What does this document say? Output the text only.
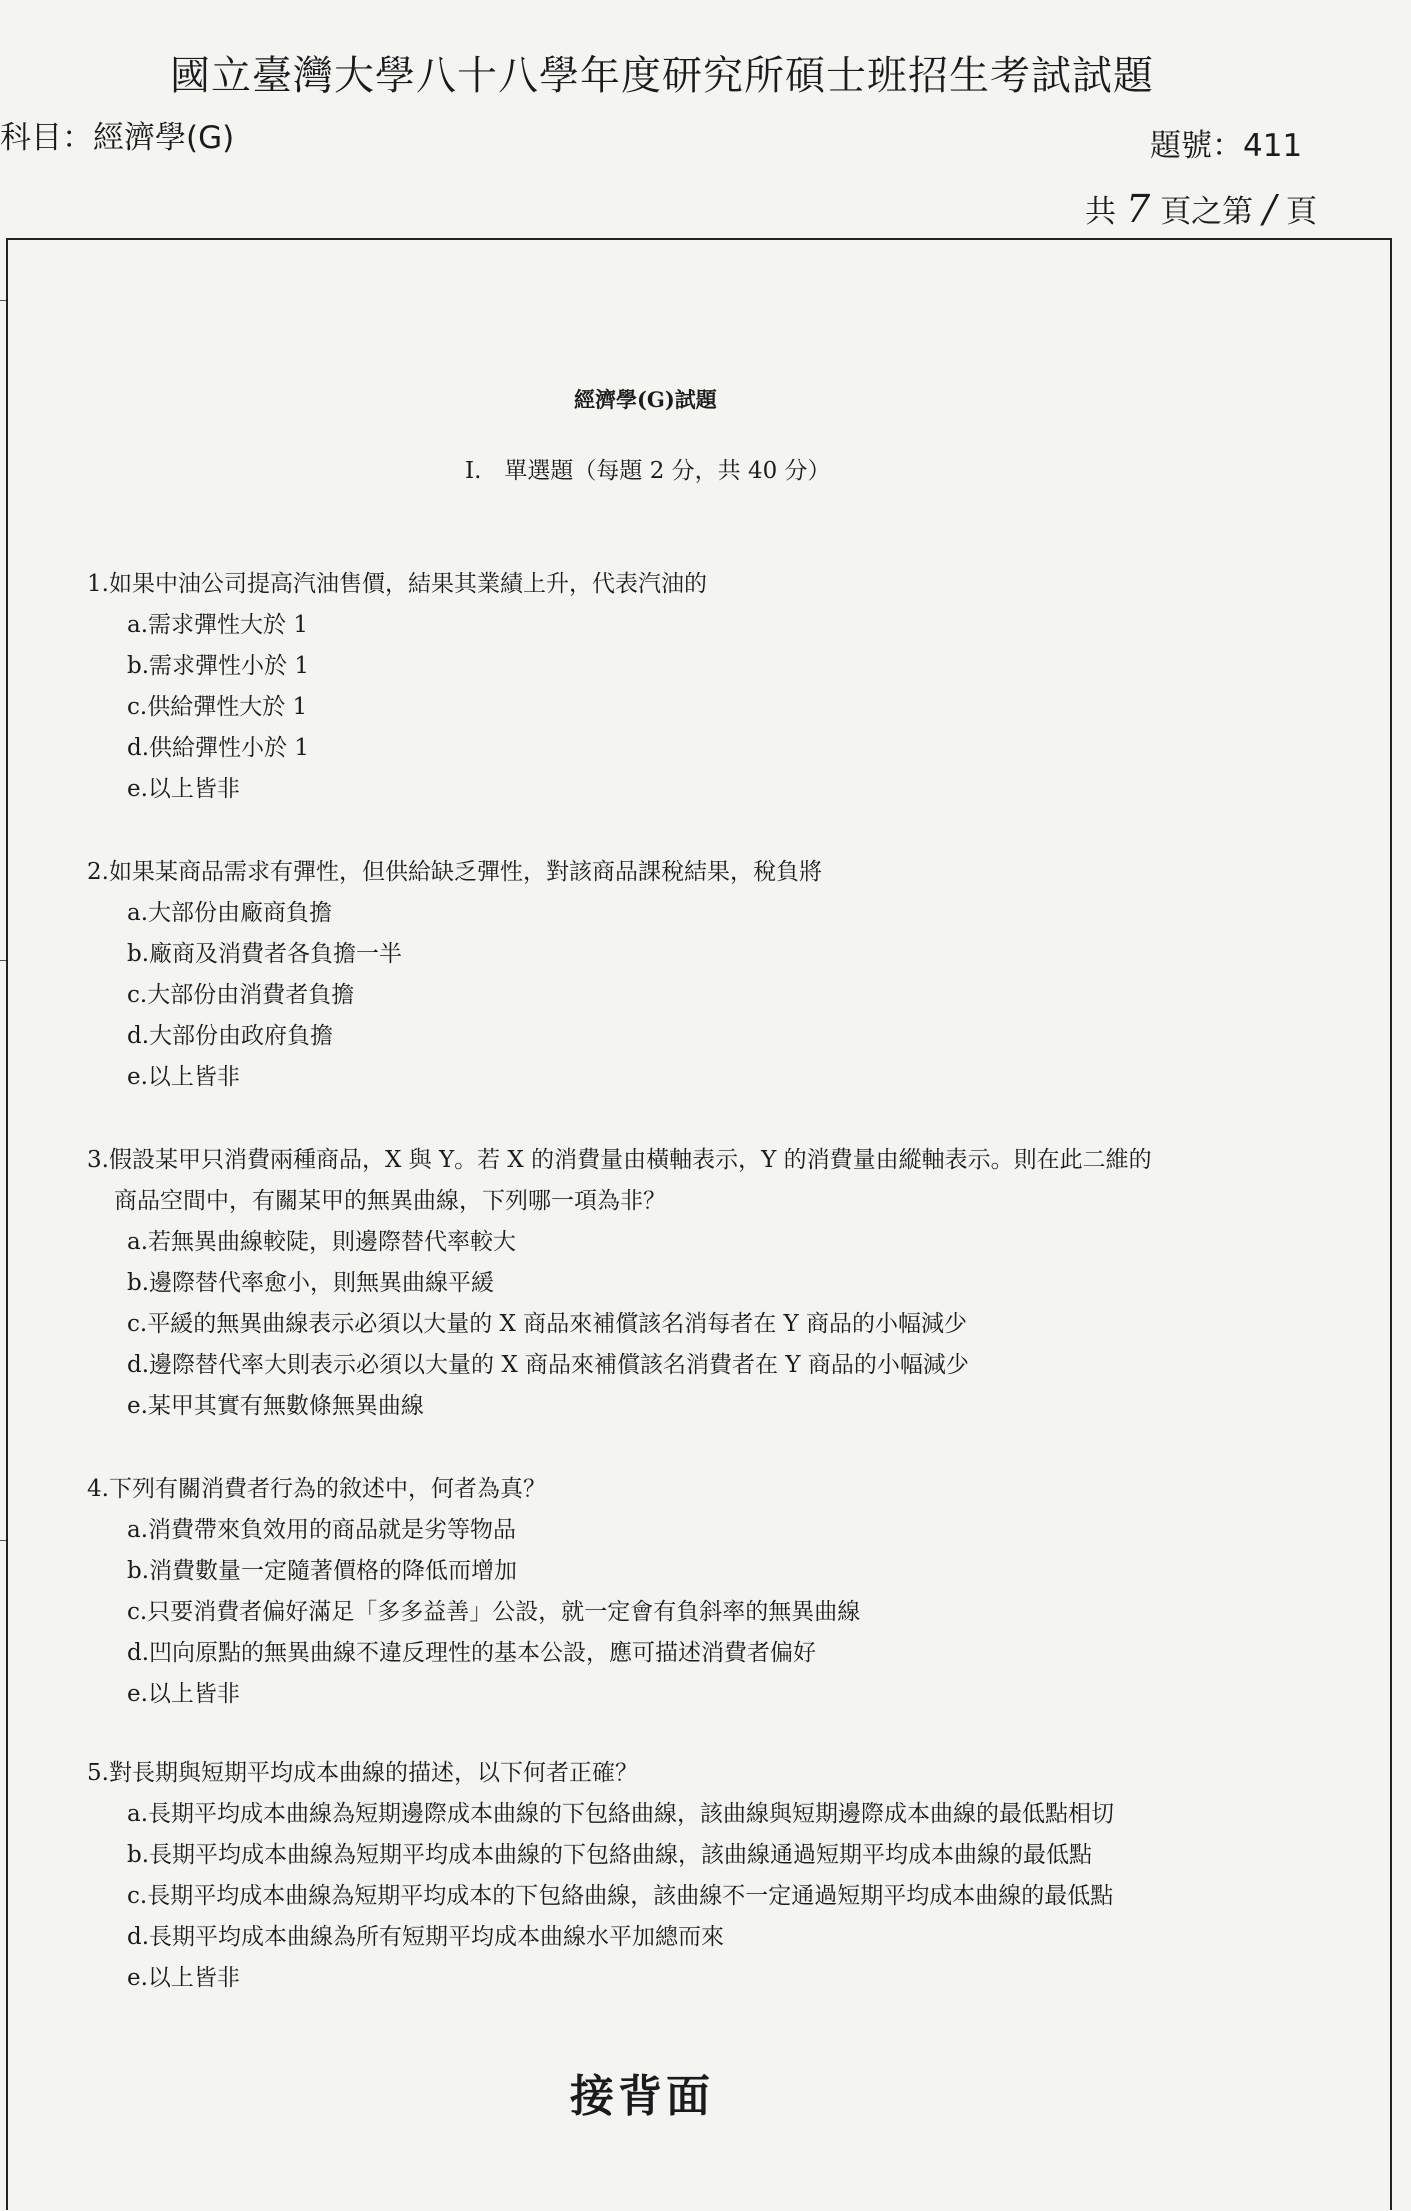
國立臺灣大學八十八學年度研究所碩士班招生考試試題
科目：經濟學(G)	題號：411
共 7 頁之第 / 頁
經濟學(G)試題
I.　單選題（每題 2 分，共 40 分）
1.如果中油公司提高汽油售價，結果其業績上升，代表汽油的
a.需求彈性大於 1
b.需求彈性小於 1
c.供給彈性大於 1
d.供給彈性小於 1
e.以上皆非
2.如果某商品需求有彈性，但供給缺乏彈性，對該商品課稅結果，稅負將
a.大部份由廠商負擔
b.廠商及消費者各負擔一半
c.大部份由消費者負擔
d.大部份由政府負擔
e.以上皆非
3.假設某甲只消費兩種商品，X 與 Y。若 X 的消費量由橫軸表示，Y 的消費量由縱軸表示。則在此二維的
商品空間中，有關某甲的無異曲線，下列哪一項為非？
a.若無異曲線較陡，則邊際替代率較大
b.邊際替代率愈小，則無異曲線平緩
c.平緩的無異曲線表示必須以大量的 X 商品來補償該名消每者在 Y 商品的小幅減少
d.邊際替代率大則表示必須以大量的 X 商品來補償該名消費者在 Y 商品的小幅減少
e.某甲其實有無數條無異曲線
4.下列有關消費者行為的敘述中，何者為真？
a.消費帶來負效用的商品就是劣等物品
b.消費數量一定隨著價格的降低而增加
c.只要消費者偏好滿足「多多益善」公設，就一定會有負斜率的無異曲線
d.凹向原點的無異曲線不違反理性的基本公設，應可描述消費者偏好
e.以上皆非
5.對長期與短期平均成本曲線的描述，以下何者正確？
a.長期平均成本曲線為短期邊際成本曲線的下包絡曲線，該曲線與短期邊際成本曲線的最低點相切
b.長期平均成本曲線為短期平均成本曲線的下包絡曲線，該曲線通過短期平均成本曲線的最低點
c.長期平均成本曲線為短期平均成本的下包絡曲線，該曲線不一定通過短期平均成本曲線的最低點
d.長期平均成本曲線為所有短期平均成本曲線水平加總而來
e.以上皆非
接背面
